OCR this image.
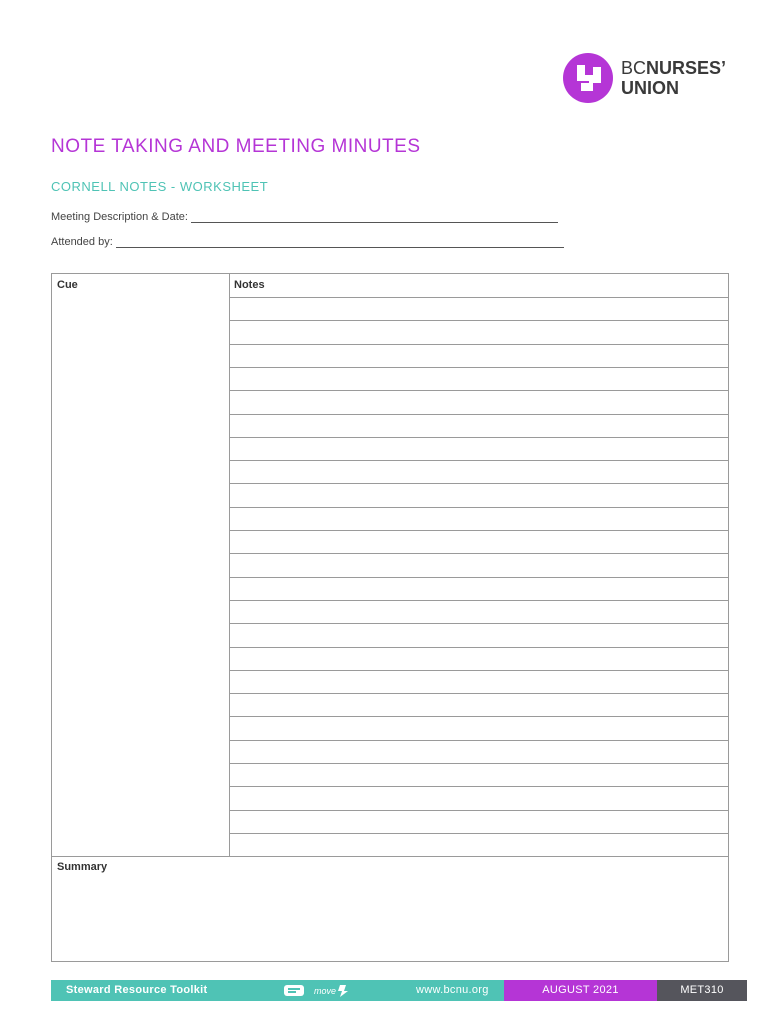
BCNURSES’
UNION
NOTE TAKING AND MEETING MINUTES
CORNELL NOTES - WORKSHEET
Meeting Description & Date:
Attended by:
Cue	Notes
Summary
Steward Resource Toolkit	move	www.bcnu.org	AUGUST 2021	MET310
